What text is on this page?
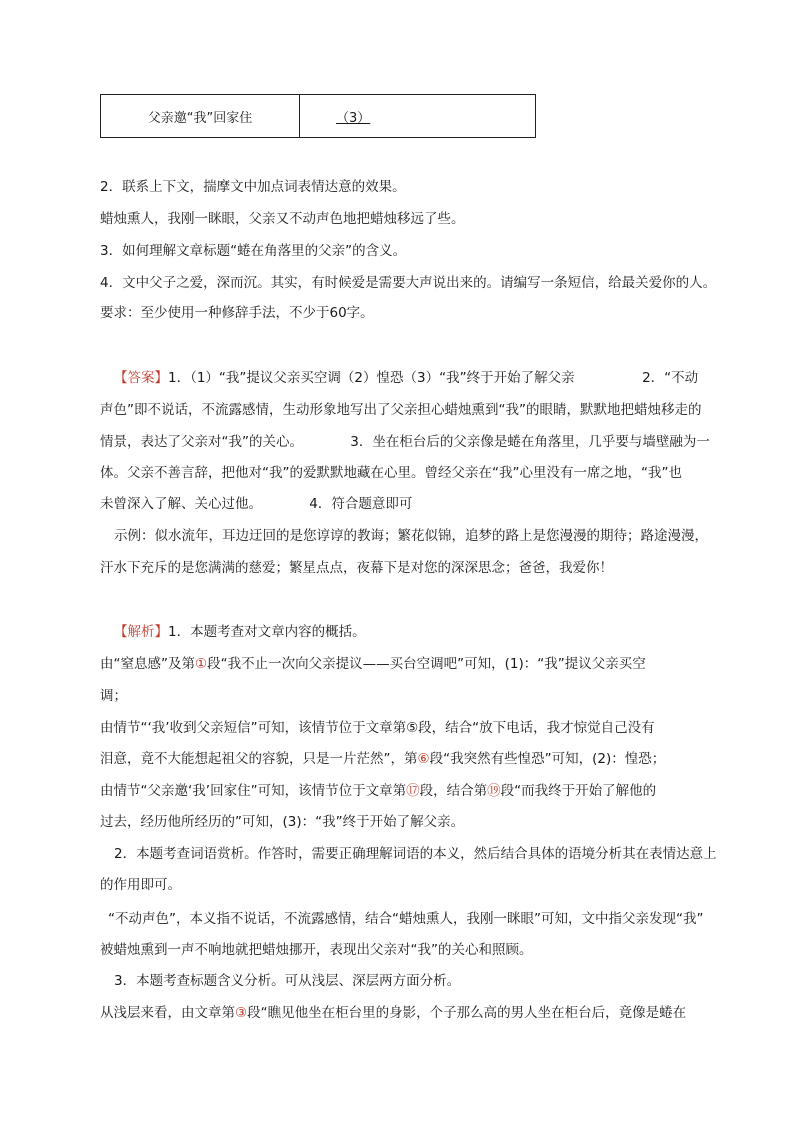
父亲邀“我”回家住	（3）
2．联系上下文，揣摩文中加点词表情达意的效果。
蜡烛熏人，我刚一眯眼，父亲又不动声色地把蜡烛移远了些。
3．如何理解文章标题“蜷在角落里的父亲”的含义。
4．文中父子之爱，深而沉。其实，有时候爱是需要大声说出来的。请编写一条短信，给最关爱你的人。
要求：至少使用一种修辞手法，不少于60字。
【答案】1．（1）“我”提议父亲买空调（2）惶恐（3）“我”终于开始了解父亲　　　　　2．“不动
声色”即不说话，不流露感情，生动形象地写出了父亲担心蜡烛熏到“我”的眼睛，默默地把蜡烛移走的
情景，表达了父亲对“我”的关心。　　　　3．坐在柜台后的父亲像是蜷在角落里，几乎要与墙壁融为一
体。父亲不善言辞，把他对“我”的爱默默地藏在心里。曾经父亲在“我”心里没有一席之地，“我”也
未曾深入了解、关心过他。　　　　4．符合题意即可
示例：似水流年，耳边迂回的是您谆谆的教诲；繁花似锦，追梦的路上是您漫漫的期待；路途漫漫，
汗水下充斥的是您满满的慈爱；繁星点点，夜幕下是对您的深深思念；爸爸，我爱你！
【解析】1．本题考查对文章内容的概括。
由“窒息感”及第①段“我不止一次向父亲提议——买台空调吧”可知，(1)：“我”提议父亲买空
调；
由情节“‘我’收到父亲短信”可知，该情节位于文章第⑤段，结合“放下电话，我才惊觉自己没有
泪意，竟不大能想起祖父的容貌，只是一片茫然”，第⑥段“我突然有些惶恐”可知，(2)：惶恐；
由情节“父亲邀‘我’回家住”可知，该情节位于文章第⑰段，结合第⑲段“而我终于开始了解他的
过去，经历他所经历的”可知，(3)：“我”终于开始了解父亲。
2．本题考查词语赏析。作答时，需要正确理解词语的本义，然后结合具体的语境分析其在表情达意上
的作用即可。
“不动声色”，本义指不说话，不流露感情，结合“蜡烛熏人，我刚一眯眼”可知，文中指父亲发现“我”
被蜡烛熏到一声不响地就把蜡烛挪开，表现出父亲对“我”的关心和照顾。
3．本题考查标题含义分析。可从浅层、深层两方面分析。
从浅层来看，由文章第③段“瞧见他坐在柜台里的身影，个子那么高的男人坐在柜台后，竟像是蜷在
